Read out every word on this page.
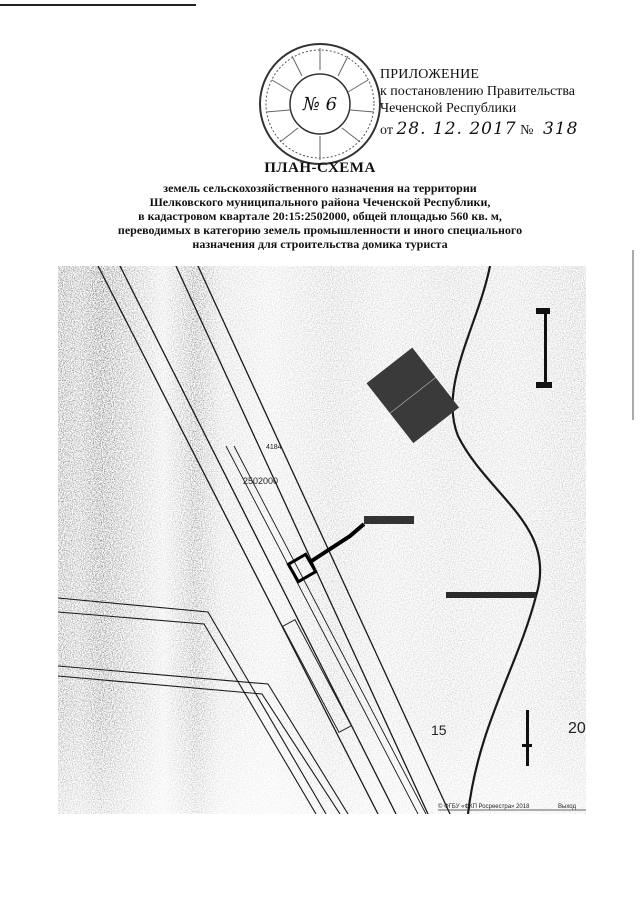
№ 6
ПРИЛОЖЕНИЕ
к постановлению Правительства
Чеченской Республики
от 28. 12. 2017 № 318
ПЛАН-СХЕМА
земель сельскохозяйственного назначения на территории
Шелковского муниципального района Чеченской Республики,
в кадастровом квартале 20:15:2502000, общей площадью 560 кв. м,
переводимых в категорию земель промышленности и иного специального
назначения для строительства домика туриста
2502000
4184
15	20
© ФГБУ «ФКП Росреестра» 2018	Выход
